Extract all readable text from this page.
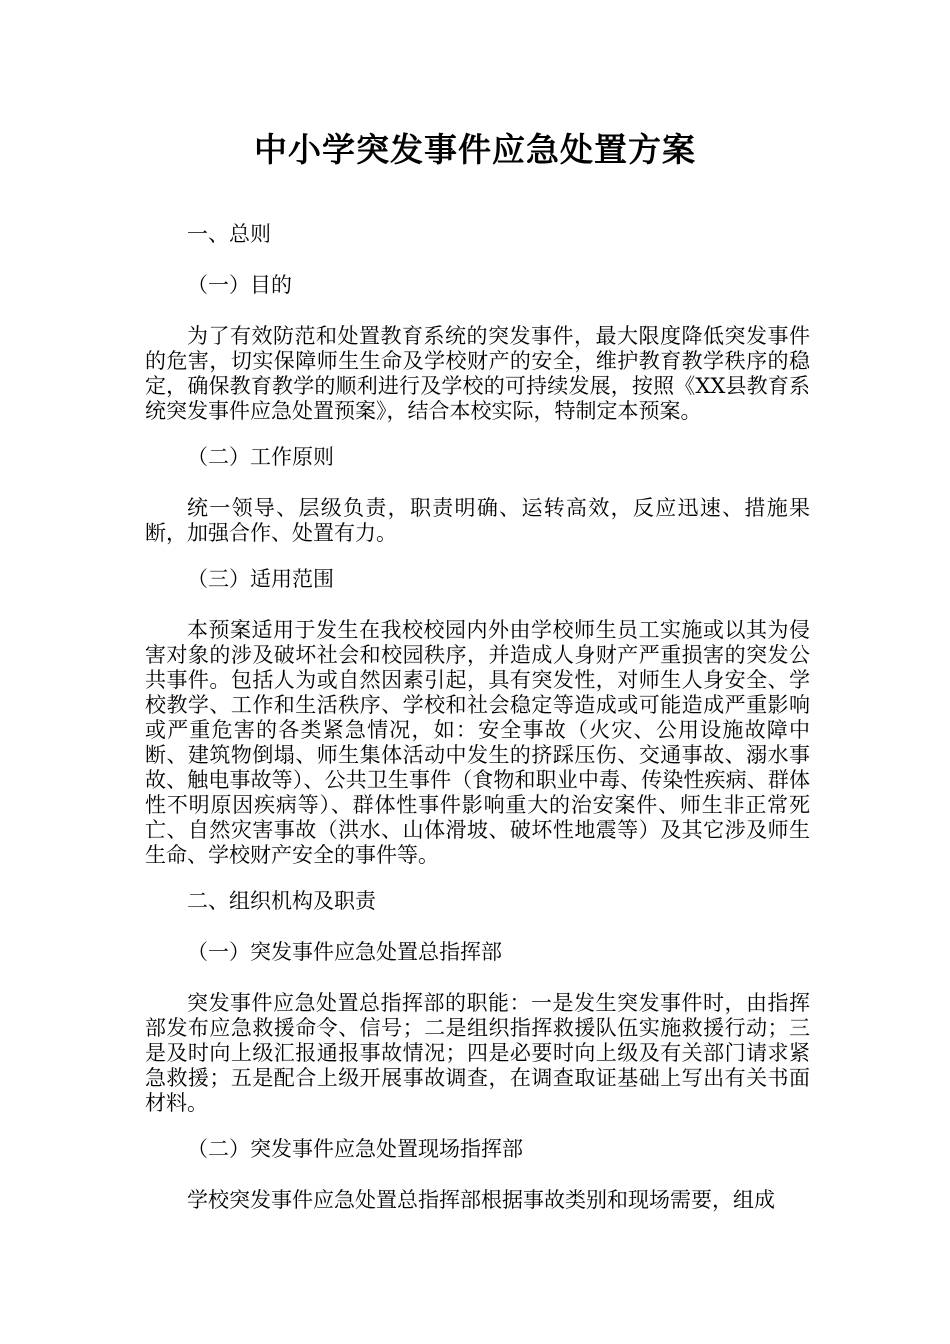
中小学突发事件应急处置方案

一、总则

（一）目的

为了有效防范和处置教育系统的突发事件，最大限度降低突发事件的危害，切实保障师生生命及学校财产的安全，维护教育教学秩序的稳定，确保教育教学的顺利进行及学校的可持续发展，按照《XX县教育系统突发事件应急处置预案》，结合本校实际，特制定本预案。

（二）工作原则

统一领导、层级负责，职责明确、运转高效，反应迅速、措施果断，加强合作、处置有力。

（三）适用范围

本预案适用于发生在我校校园内外由学校师生员工实施或以其为侵害对象的涉及破坏社会和校园秩序，并造成人身财产严重损害的突发公共事件。包括人为或自然因素引起，具有突发性，对师生人身安全、学校教学、工作和生活秩序、学校和社会稳定等造成或可能造成严重影响或严重危害的各类紧急情况，如：安全事故（火灾、公用设施故障中断、建筑物倒塌、师生集体活动中发生的挤踩压伤、交通事故、溺水事故、触电事故等）、公共卫生事件（食物和职业中毒、传染性疾病、群体性不明原因疾病等）、群体性事件影响重大的治安案件、师生非正常死亡、自然灾害事故（洪水、山体滑坡、破坏性地震等）及其它涉及师生生命、学校财产安全的事件等。

二、组织机构及职责

（一）突发事件应急处置总指挥部

突发事件应急处置总指挥部的职能：一是发生突发事件时，由指挥部发布应急救援命令、信号；二是组织指挥救援队伍实施救援行动；三是及时向上级汇报通报事故情况；四是必要时向上级及有关部门请求紧急救援；五是配合上级开展事故调查，在调查取证基础上写出有关书面材料。

（二）突发事件应急处置现场指挥部

学校突发事件应急处置总指挥部根据事故类别和现场需要，组成
